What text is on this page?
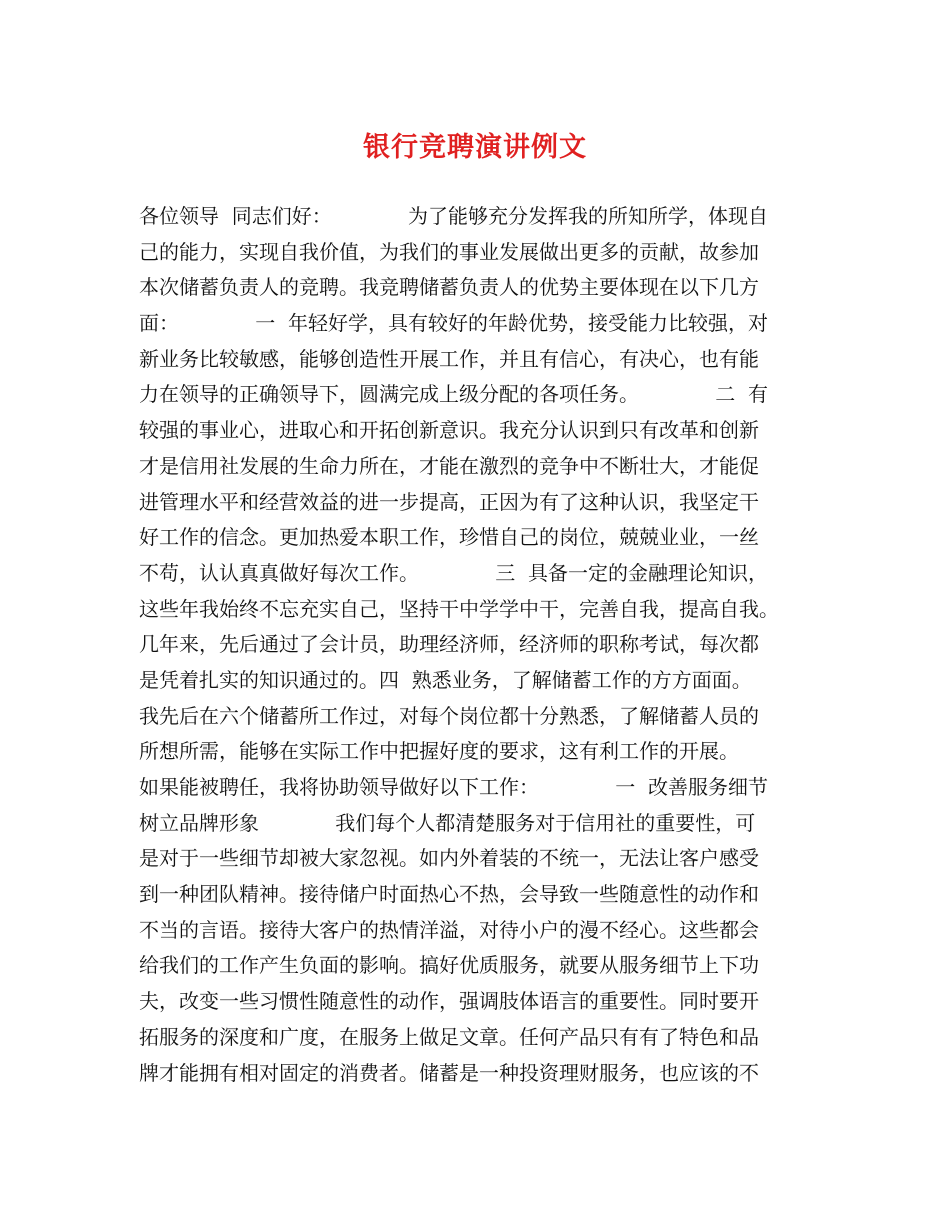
银行竞聘演讲例文
各位领导  同志们好：            为了能够充分发挥我的所知所学，体现自
己的能力，实现自我价值，为我们的事业发展做出更多的贡献，故参加
本次储蓄负责人的竞聘。我竞聘储蓄负责人的优势主要体现在以下几方
面：            一  年轻好学，具有较好的年龄优势，接受能力比较强，对
新业务比较敏感，能够创造性开展工作，并且有信心，有决心，也有能
力在领导的正确领导下，圆满完成上级分配的各项任务。            二  有
较强的事业心，进取心和开拓创新意识。我充分认识到只有改革和创新
才是信用社发展的生命力所在，才能在激烈的竞争中不断壮大，才能促
进管理水平和经营效益的进一步提高，正因为有了这种认识，我坚定干
好工作的信念。更加热爱本职工作，珍惜自己的岗位，兢兢业业，一丝
不苟，认认真真做好每次工作。            三  具备一定的金融理论知识，
这些年我始终不忘充实自己，坚持干中学学中干，完善自我，提高自我。
几年来，先后通过了会计员，助理经济师，经济师的职称考试，每次都
是凭着扎实的知识通过的。四  熟悉业务，了解储蓄工作的方方面面。
我先后在六个储蓄所工作过，对每个岗位都十分熟悉，了解储蓄人员的
所想所需，能够在实际工作中把握好度的要求，这有利工作的开展。
如果能被聘任，我将协助领导做好以下工作：            一  改善服务细节
树立品牌形象            我们每个人都清楚服务对于信用社的重要性，可
是对于一些细节却被大家忽视。如内外着装的不统一，无法让客户感受
到一种团队精神。接待储户时面热心不热，会导致一些随意性的动作和
不当的言语。接待大客户的热情洋溢，对待小户的漫不经心。这些都会
给我们的工作产生负面的影响。搞好优质服务，就要从服务细节上下功
夫，改变一些习惯性随意性的动作，强调肢体语言的重要性。同时要开
拓服务的深度和广度，在服务上做足文章。任何产品只有有了特色和品
牌才能拥有相对固定的消费者。储蓄是一种投资理财服务，也应该的不
